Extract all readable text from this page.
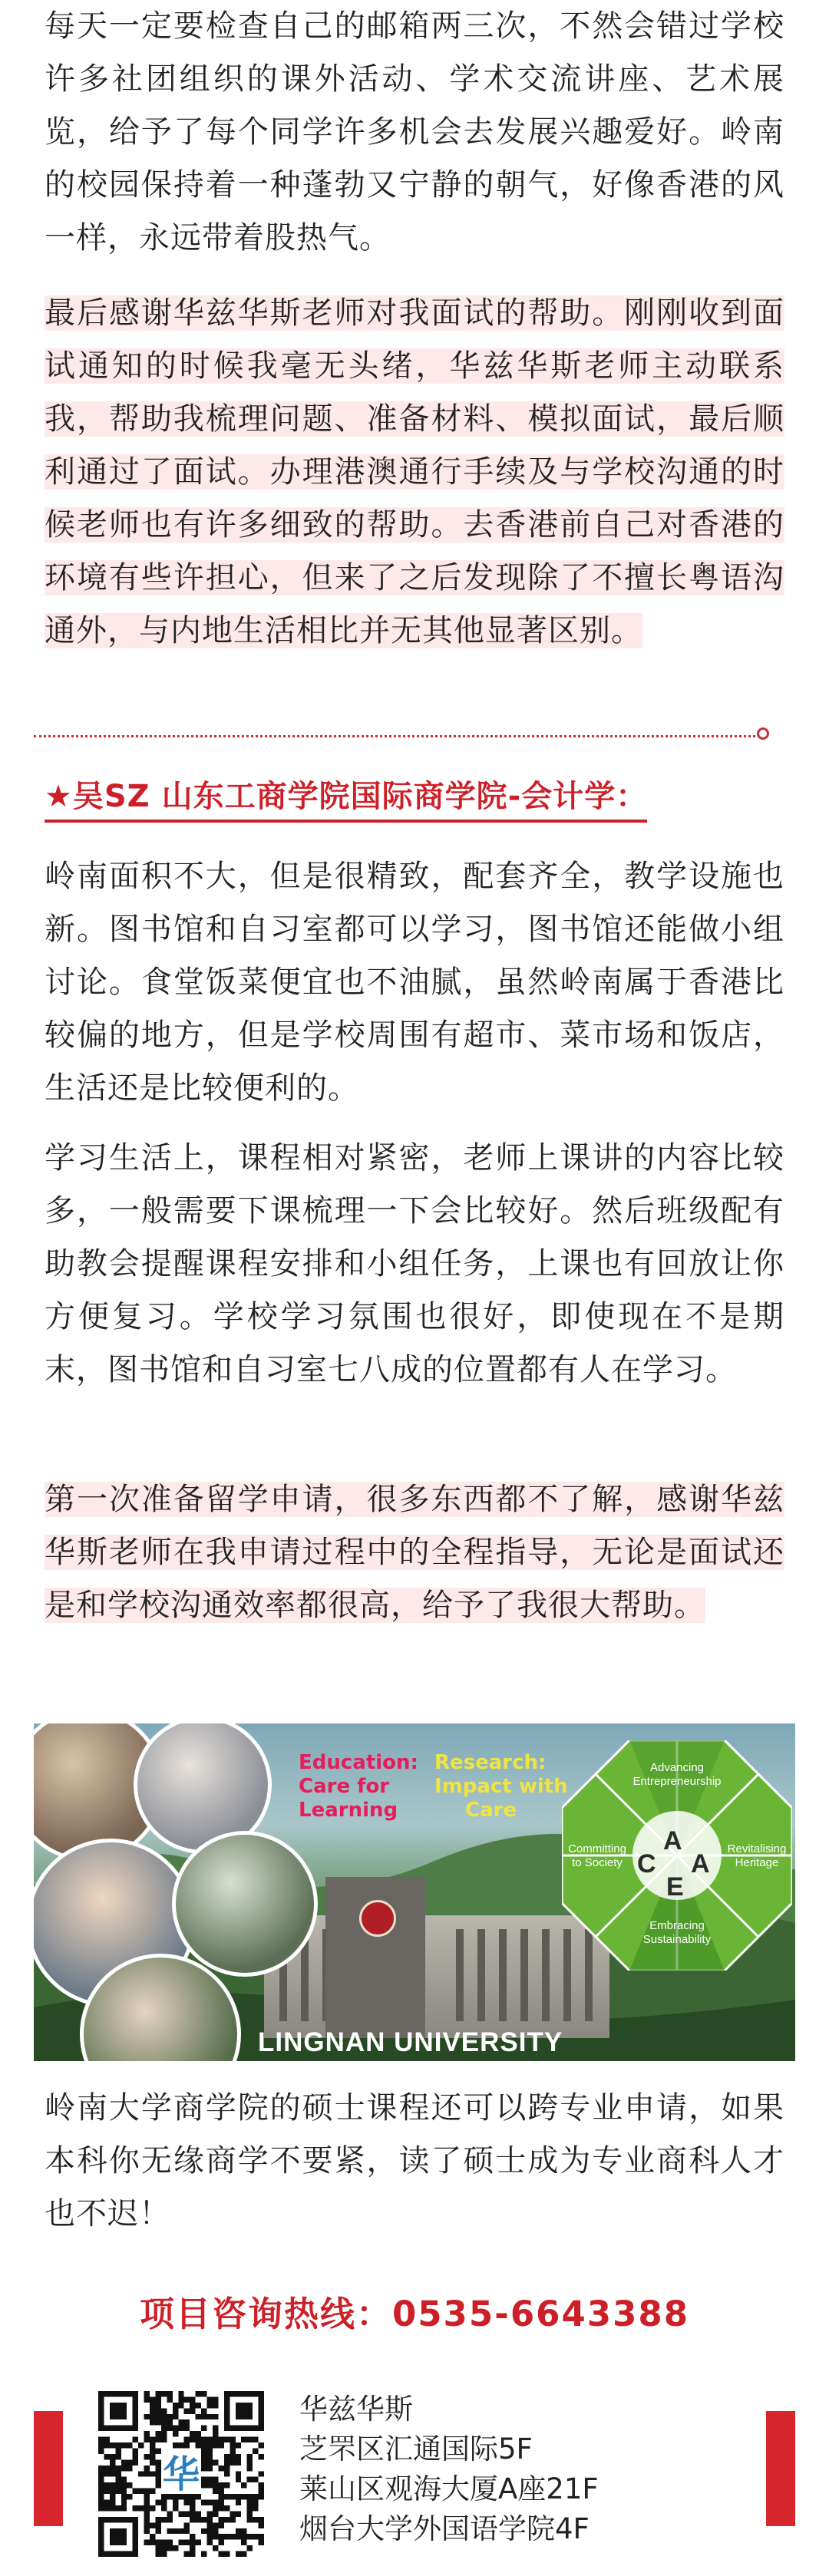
每天一定要检查自己的邮箱两三次，不然会错过学校许多社团组织的课外活动、学术交流讲座、艺术展览，给予了每个同学许多机会去发展兴趣爱好。岭南的校园保持着一种蓬勃又宁静的朝气，好像香港的风一样，永远带着股热气。

最后感谢华兹华斯老师对我面试的帮助。刚刚收到面试通知的时候我毫无头绪，华兹华斯老师主动联系我，帮助我梳理问题、准备材料、模拟面试，最后顺利通过了面试。办理港澳通行手续及与学校沟通的时候老师也有许多细致的帮助。去香港前自己对香港的环境有些许担心，但来了之后发现除了不擅长粤语沟通外，与内地生活相比并无其他显著区别。

★吴SZ 山东工商学院国际商学院-会计学：

岭南面积不大，但是很精致，配套齐全，教学设施也新。图书馆和自习室都可以学习，图书馆还能做小组讨论。食堂饭菜便宜也不油腻，虽然岭南属于香港比较偏的地方，但是学校周围有超市、菜市场和饭店，生活还是比较便利的。

学习生活上，课程相对紧密，老师上课讲的内容比较多，一般需要下课梳理一下会比较好。然后班级配有助教会提醒课程安排和小组任务，上课也有回放让你方便复习。学校学习氛围也很好，即使现在不是期末，图书馆和自习室七八成的位置都有人在学习。

第一次准备留学申请，很多东西都不了解，感谢华兹华斯老师在我申请过程中的全程指导，无论是面试还是和学校沟通效率都很高，给予了我很大帮助。

Education:
Care for
Learning
Research:
Impact with
Care
A
C A
E
Advancing
Entrepreneurship
Committing
to Society
Revitalising
Heritage
Embracing
Sustainability
LINGNAN UNIVERSITY

岭南大学商学院的硕士课程还可以跨专业申请，如果本科你无缘商学不要紧，读了硕士成为专业商科人才也不迟！

项目咨询热线：0535-6643388
华
华兹华斯
芝罘区汇通国际5F
莱山区观海大厦A座21F
烟台大学外国语学院4F
